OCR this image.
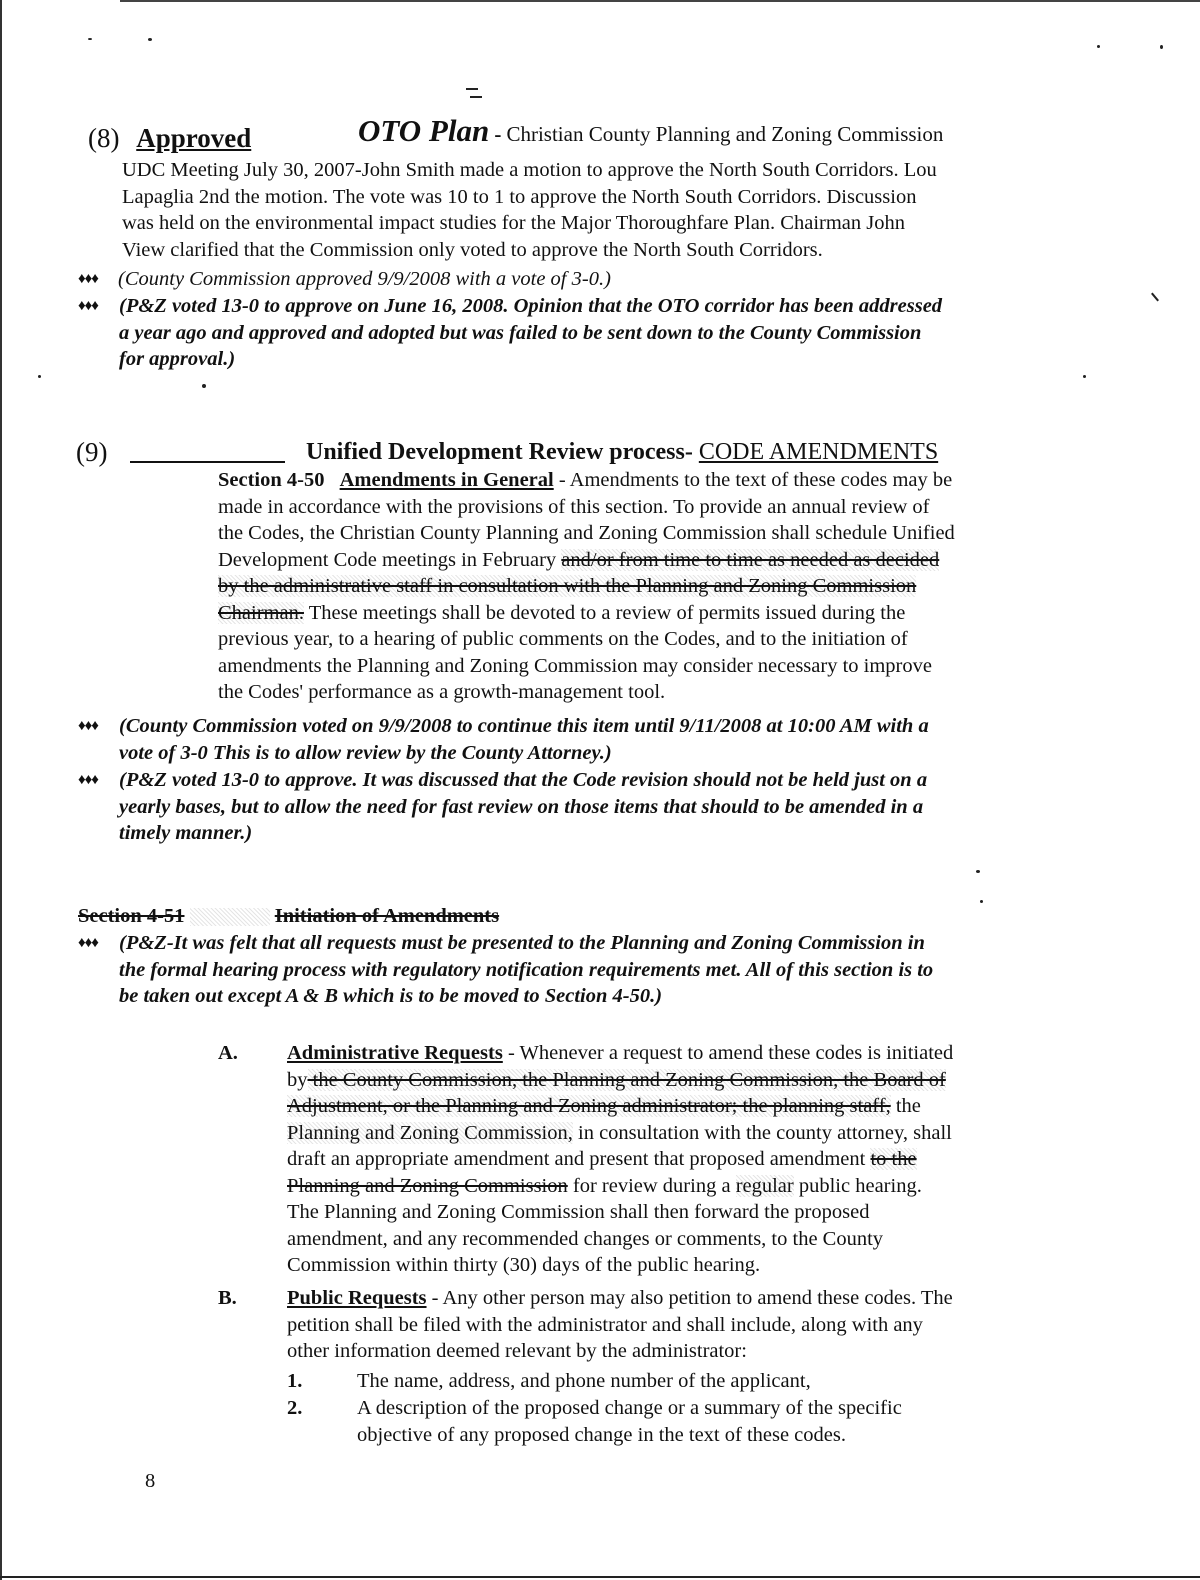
(8) Approved	OTO Plan - Christian County Planning and Zoning Commission
UDC Meeting July 30, 2007-John Smith made a motion to approve the North South Corridors. Lou
Lapaglia 2nd the motion. The vote was 10 to 1 to approve the North South Corridors. Discussion
was held on the environmental impact studies for the Major Thoroughfare Plan. Chairman John
View clarified that the Commission only voted to approve the North South Corridors.
♦♦♦ (County Commission approved 9/9/2008 with a vote of 3-0.)
♦♦♦ (P&Z voted 13-0 to approve on June 16, 2008. Opinion that the OTO corridor has been addressed
a year ago and approved and adopted but was failed to be sent down to the County Commission
for approval.)
(9)	Unified Development Review process- CODE AMENDMENTS
Section 4-50 Amendments in General - Amendments to the text of these codes may be
made in accordance with the provisions of this section. To provide an annual review of
the Codes, the Christian County Planning and Zoning Commission shall schedule Unified
Development Code meetings in February and/or from time to time as needed as decided
by the administrative staff in consultation with the Planning and Zoning Commission
Chairman. These meetings shall be devoted to a review of permits issued during the
previous year, to a hearing of public comments on the Codes, and to the initiation of
amendments the Planning and Zoning Commission may consider necessary to improve
the Codes' performance as a growth-management tool.
♦♦♦ (County Commission voted on 9/9/2008 to continue this item until 9/11/2008 at 10:00 AM with a
vote of 3-0 This is to allow review by the County Attorney.)
♦♦♦ (P&Z voted 13-0 to approve. It was discussed that the Code revision should not be held just on a
yearly bases, but to allow the need for fast review on those items that should to be amended in a
timely manner.)
Section 4-51	Initiation of Amendments
♦♦♦ (P&Z-It was felt that all requests must be presented to the Planning and Zoning Commission in
the formal hearing process with regulatory notification requirements met. All of this section is to
be taken out except A & B which is to be moved to Section 4-50.)
A. Administrative Requests - Whenever a request to amend these codes is initiated
by the County Commission, the Planning and Zoning Commission, the Board of
Adjustment, or the Planning and Zoning administrator; the planning staff, the
Planning and Zoning Commission, in consultation with the county attorney, shall
draft an appropriate amendment and present that proposed amendment to the
Planning and Zoning Commission for review during a regular public hearing.
The Planning and Zoning Commission shall then forward the proposed
amendment, and any recommended changes or comments, to the County
Commission within thirty (30) days of the public hearing.
B. Public Requests - Any other person may also petition to amend these codes. The
petition shall be filed with the administrator and shall include, along with any
other information deemed relevant by the administrator:
1.	The name, address, and phone number of the applicant,
2.	A description of the proposed change or a summary of the specific
objective of any proposed change in the text of these codes.
8
